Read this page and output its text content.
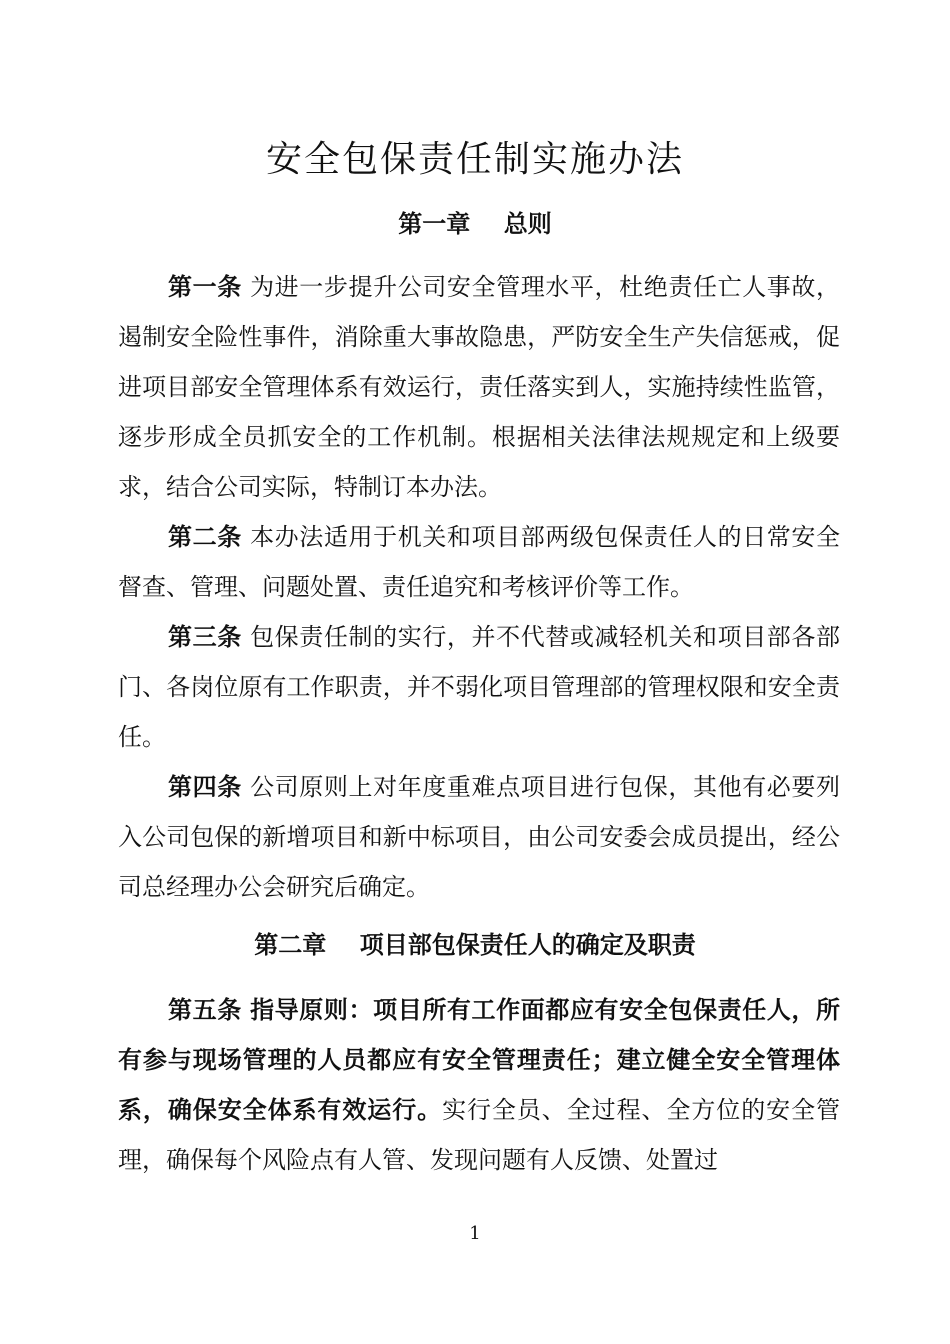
安全包保责任制实施办法
第一章    总则

第一条 为进一步提升公司安全管理水平，杜绝责任亡人事故，遏制安全险性事件，消除重大事故隐患，严防安全生产失信惩戒，促进项目部安全管理体系有效运行，责任落实到人，实施持续性监管，逐步形成全员抓安全的工作机制。根据相关法律法规规定和上级要求，结合公司实际，特制订本办法。

第二条 本办法适用于机关和项目部两级包保责任人的日常安全督查、管理、问题处置、责任追究和考核评价等工作。

第三条 包保责任制的实行，并不代替或减轻机关和项目部各部门、各岗位原有工作职责，并不弱化项目管理部的管理权限和安全责任。

第四条 公司原则上对年度重难点项目进行包保，其他有必要列入公司包保的新增项目和新中标项目，由公司安委会成员提出，经公司总经理办公会研究后确定。

第二章    项目部包保责任人的确定及职责

第五条 指导原则：项目所有工作面都应有安全包保责任人，所有参与现场管理的人员都应有安全管理责任；建立健全安全管理体系，确保安全体系有效运行。实行全员、全过程、全方位的安全管理，确保每个风险点有人管、发现问题有人反馈、处置过

1
